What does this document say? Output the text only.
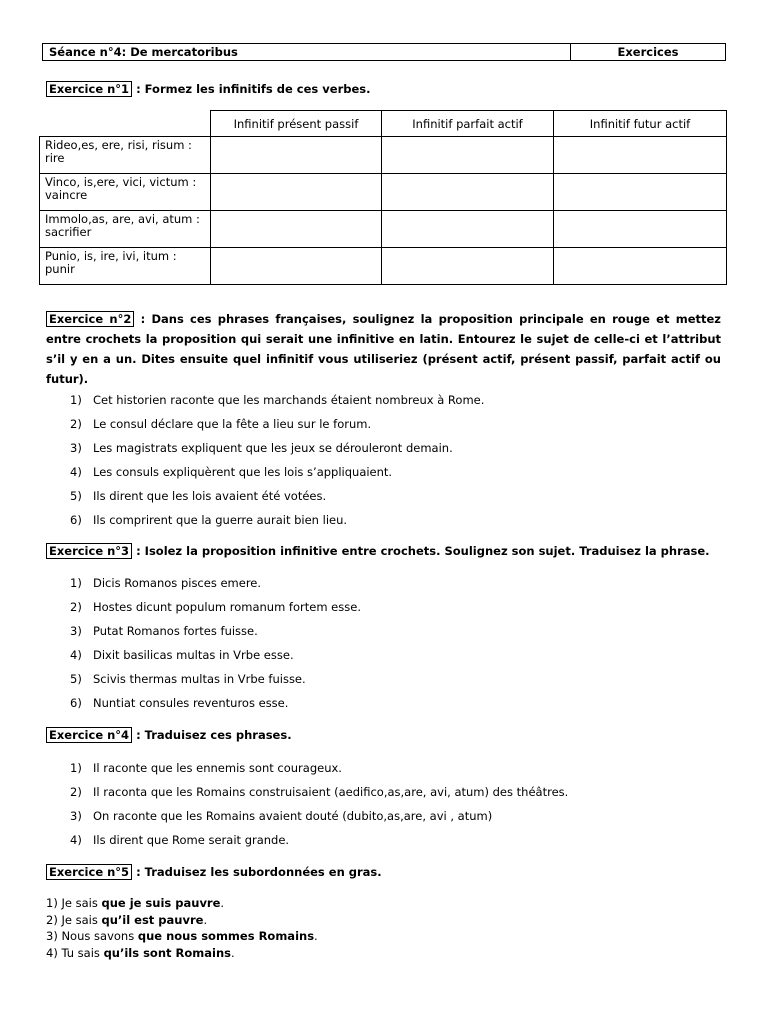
Séance n°4: De mercatoribus	Exercices
Exercice n°1 : Formez les infinitifs de ces verbes.
	Infinitif présent passif	Infinitif parfait actif	Infinitif futur actif
Rideo,es, ere, risi, risum :
rire			
Vinco, is,ere, vici, victum :
vaincre			
Immolo,as, are, avi, atum :
sacrifier			
Punio, is, ire, ivi, itum :
punir			
Exercice n°2 : Dans ces phrases françaises, soulignez la proposition principale en rouge et mettez entre crochets la proposition qui serait une infinitive en latin. Entourez le sujet de celle-ci et l’attribut s’il y en a un. Dites ensuite quel infinitif vous utiliseriez (présent actif, présent passif, parfait actif ou futur).
1) Cet historien raconte que les marchands étaient nombreux à Rome.
2) Le consul déclare que la fête a lieu sur le forum.
3) Les magistrats expliquent que les jeux se dérouleront demain.
4) Les consuls expliquèrent que les lois s’appliquaient.
5) Ils dirent que les lois avaient été votées.
6) Ils comprirent que la guerre aurait bien lieu.
Exercice n°3 : Isolez la proposition infinitive entre crochets. Soulignez son sujet. Traduisez la phrase.
1) Dicis Romanos pisces emere.
2) Hostes dicunt populum romanum fortem esse.
3) Putat Romanos fortes fuisse.
4) Dixit basilicas multas in Vrbe esse.
5) Scivis thermas multas in Vrbe fuisse.
6) Nuntiat consules reventuros esse.
Exercice n°4 : Traduisez ces phrases.
1) Il raconte que les ennemis sont courageux.
2) Il raconta que les Romains construisaient (aedifico,as,are, avi, atum) des théâtres.
3) On raconte que les Romains avaient douté (dubito,as,are, avi , atum)
4) Ils dirent que Rome serait grande.
Exercice n°5 : Traduisez les subordonnées en gras.
1) Je sais que je suis pauvre.
2) Je sais qu’il est pauvre.
3) Nous savons que nous sommes Romains.
4) Tu sais qu’ils sont Romains.
